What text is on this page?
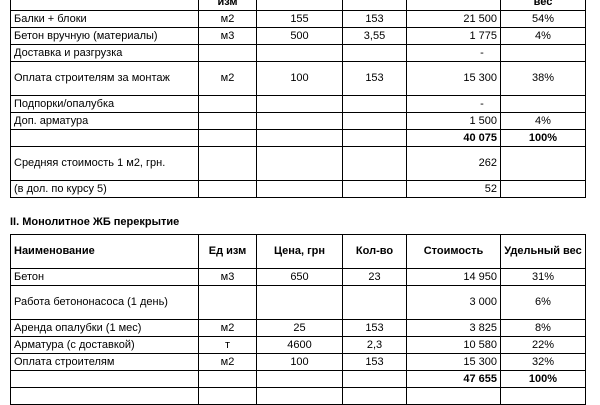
	изм				вес
Балки + блоки	м2	155	153	21 500	54%
Бетон вручную (материалы)	м3	500	3,55	1 775	4%
Доставка и разгрузка				-	
Оплата строителям за монтаж	м2	100	153	15 300	38%
Подпорки/опалубка				-	
Доп. арматура				1 500	4%
				40 075	100%
Средняя стоимость 1 м2, грн.				262	
(в дол. по курсу 5)				52	
II. Монолитное ЖБ перекрытие
Наименование	Ед изм	Цена, грн	Кол-во	Стоимость	Удельный вес
Бетон	м3	650	23	14 950	31%
Работа бетононасоса (1 день)				3 000	6%
Аренда опалубки (1 мес)	м2	25	153	3 825	8%
Арматура (с доставкой)	т	4600	2,3	10 580	22%
Оплата строителям	м2	100	153	15 300	32%
				47 655	100%
